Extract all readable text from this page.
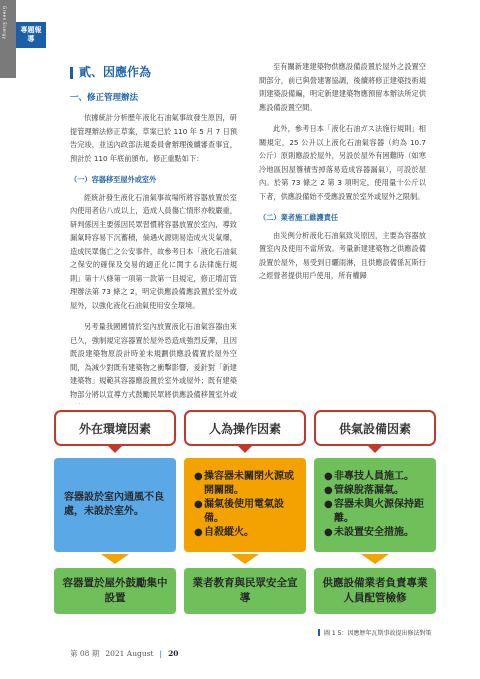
Green Energy	專題報導
貳、因應作為
一、修正管理辦法

依據統計分析歷年液化石油氣事故發生原因，研提管理辦法修正草案，草案已於 110 年 5 月 7 日預告完竣，並送內政部法規委員會辦理後續審查事宜，預計於 110 年底前頒布。修正重點如下：

（一）容器移至屋外或室外

經統計發生液化石油氣事故場所將容器放置於室內使用者佔八成以上，造成人員傷亡情形亦較嚴重，研判係因主要係因民眾習慣將容器放置於室內，導致漏氣時容易下沉蓄積，倘遇火源則易造成火災氣爆，造成民眾傷亡之公安事件，故參考日本「液化石油氣之保安的確保及交易的適正化に関する法律施行規則」第十八條第一項第一款第一目規定，修正增訂管理辦法第 73 條之 2，明定供應設備應設置於室外或屋外，以強化液化石油氣使用安全環境。

另考量我國國情於室內放置液化石油氣容器由來已久，強制規定容器置於屋外恐造成強烈反彈，且因既設建築物原設計時並未規劃供應設備置於屋外空間，為減少對既有建築物之衝擊影響，爰針對「新建建築物」規範其容器應設置於室外或屋外；既有建築物部分將以宣導方式鼓勵民眾將供應設備移置室外或

至有關新建建築物供應設備設置於屋外之設置空間部分，前已與營建署協調，後續將修正建築技術規則建築設備編，明定新建建築物應預留本辦法所定供應設備設置空間。

此外，參考日本「液化石油ガス法施行規則」相關規定，25 公升以上液化石油氣容器（約為 10.7 公斤）原則應設於屋外，另設於屋外有困難時（如寒冷地區因屋簷積雪掉落易造成容器漏氣），可設於屋內。於第 73 條之 2 第 3 項明定，使用量十公斤以下者，供應設備始不受應設置於室外或屋外之限制。

（二）業者施工維護責任

由災例分析液化石油氣致災原因，主要為容器放置室內及使用不當所致。考量新建建築物之供應設備設置於屋外，易受到日曬雨淋，且供應設備係瓦斯行之經營者提供用戶使用，所有權歸

外在環境因素
容器設於室內通風不良處，未設於室外。
容器置於屋外鼓勵集中設置
人為操作因素
● 操容器未關閉火源或開關閥。
● 漏氣後使用電氣設備。
● 自殺縱火。
業者教育與民眾安全宣導
供氣設備因素
● 非專技人員施工。
● 管線脫落漏氣。
● 容器未與火源保持距離。
● 未設置安全措施。
供應設備業者負責專業人員配管檢修
圖 1 5：因應歷年瓦斯事故提出修法對策
第 08 期 2021 August | 20
